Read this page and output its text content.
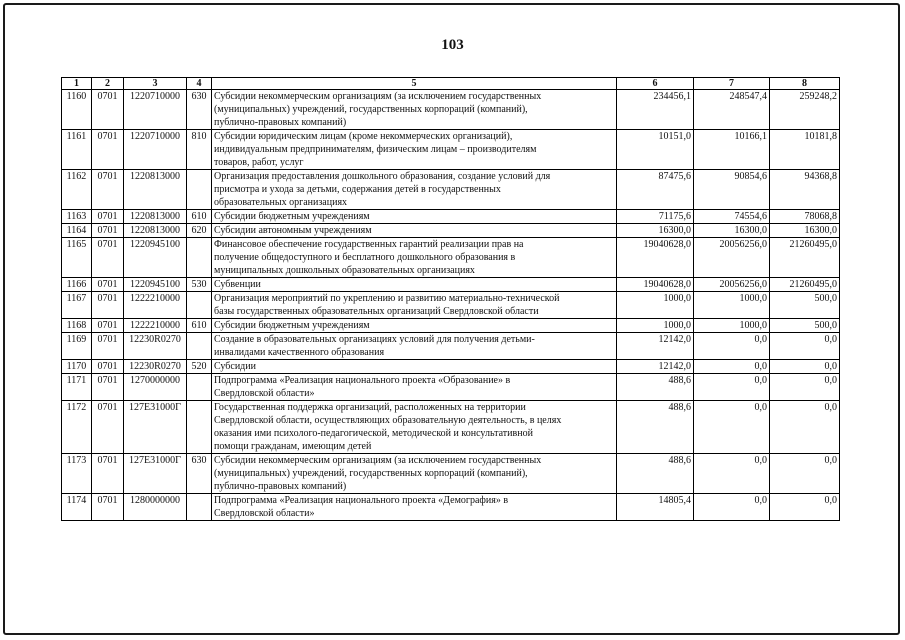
103
1	2	3	4	5	6	7	8
1160	0701	1220710000	630	Субсидии некоммерческим организациям (за исключением государственных
(муниципальных) учреждений, государственных корпораций (компаний),
публично-правовых компаний)	234456,1	248547,4	259248,2
1161	0701	1220710000	810	Субсидии юридическим лицам (кроме некоммерческих организаций),
индивидуальным предпринимателям, физическим лицам – производителям
товаров, работ, услуг	10151,0	10166,1	10181,8
1162	0701	1220813000		Организация предоставления дошкольного образования, создание условий для
присмотра и ухода за детьми, содержания детей в государственных
образовательных организациях	87475,6	90854,6	94368,8
1163	0701	1220813000	610	Субсидии бюджетным учреждениям	71175,6	74554,6	78068,8
1164	0701	1220813000	620	Субсидии автономным учреждениям	16300,0	16300,0	16300,0
1165	0701	1220945100		Финансовое обеспечение государственных гарантий реализации прав на
получение общедоступного и бесплатного дошкольного образования в
муниципальных дошкольных образовательных организациях	19040628,0	20056256,0	21260495,0
1166	0701	1220945100	530	Субвенции	19040628,0	20056256,0	21260495,0
1167	0701	1222210000		Организация мероприятий по укреплению и развитию материально-технической
базы государственных образовательных организаций Свердловской области	1000,0	1000,0	500,0
1168	0701	1222210000	610	Субсидии бюджетным учреждениям	1000,0	1000,0	500,0
1169	0701	12230R0270		Создание в образовательных организациях условий для получения детьми-
инвалидами качественного образования	12142,0	0,0	0,0
1170	0701	12230R0270	520	Субсидии	12142,0	0,0	0,0
1171	0701	1270000000		Подпрограмма «Реализация национального проекта «Образование» в
Свердловской области»	488,6	0,0	0,0
1172	0701	127E31000Г		Государственная поддержка организаций, расположенных на территории
Свердловской области, осуществляющих образовательную деятельность, в целях
оказания ими психолого-педагогической, методической и консультативной
помощи гражданам, имеющим детей	488,6	0,0	0,0
1173	0701	127E31000Г	630	Субсидии некоммерческим организациям (за исключением государственных
(муниципальных) учреждений, государственных корпораций (компаний),
публично-правовых компаний)	488,6	0,0	0,0
1174	0701	1280000000		Подпрограмма «Реализация национального проекта «Демография» в
Свердловской области»	14805,4	0,0	0,0
